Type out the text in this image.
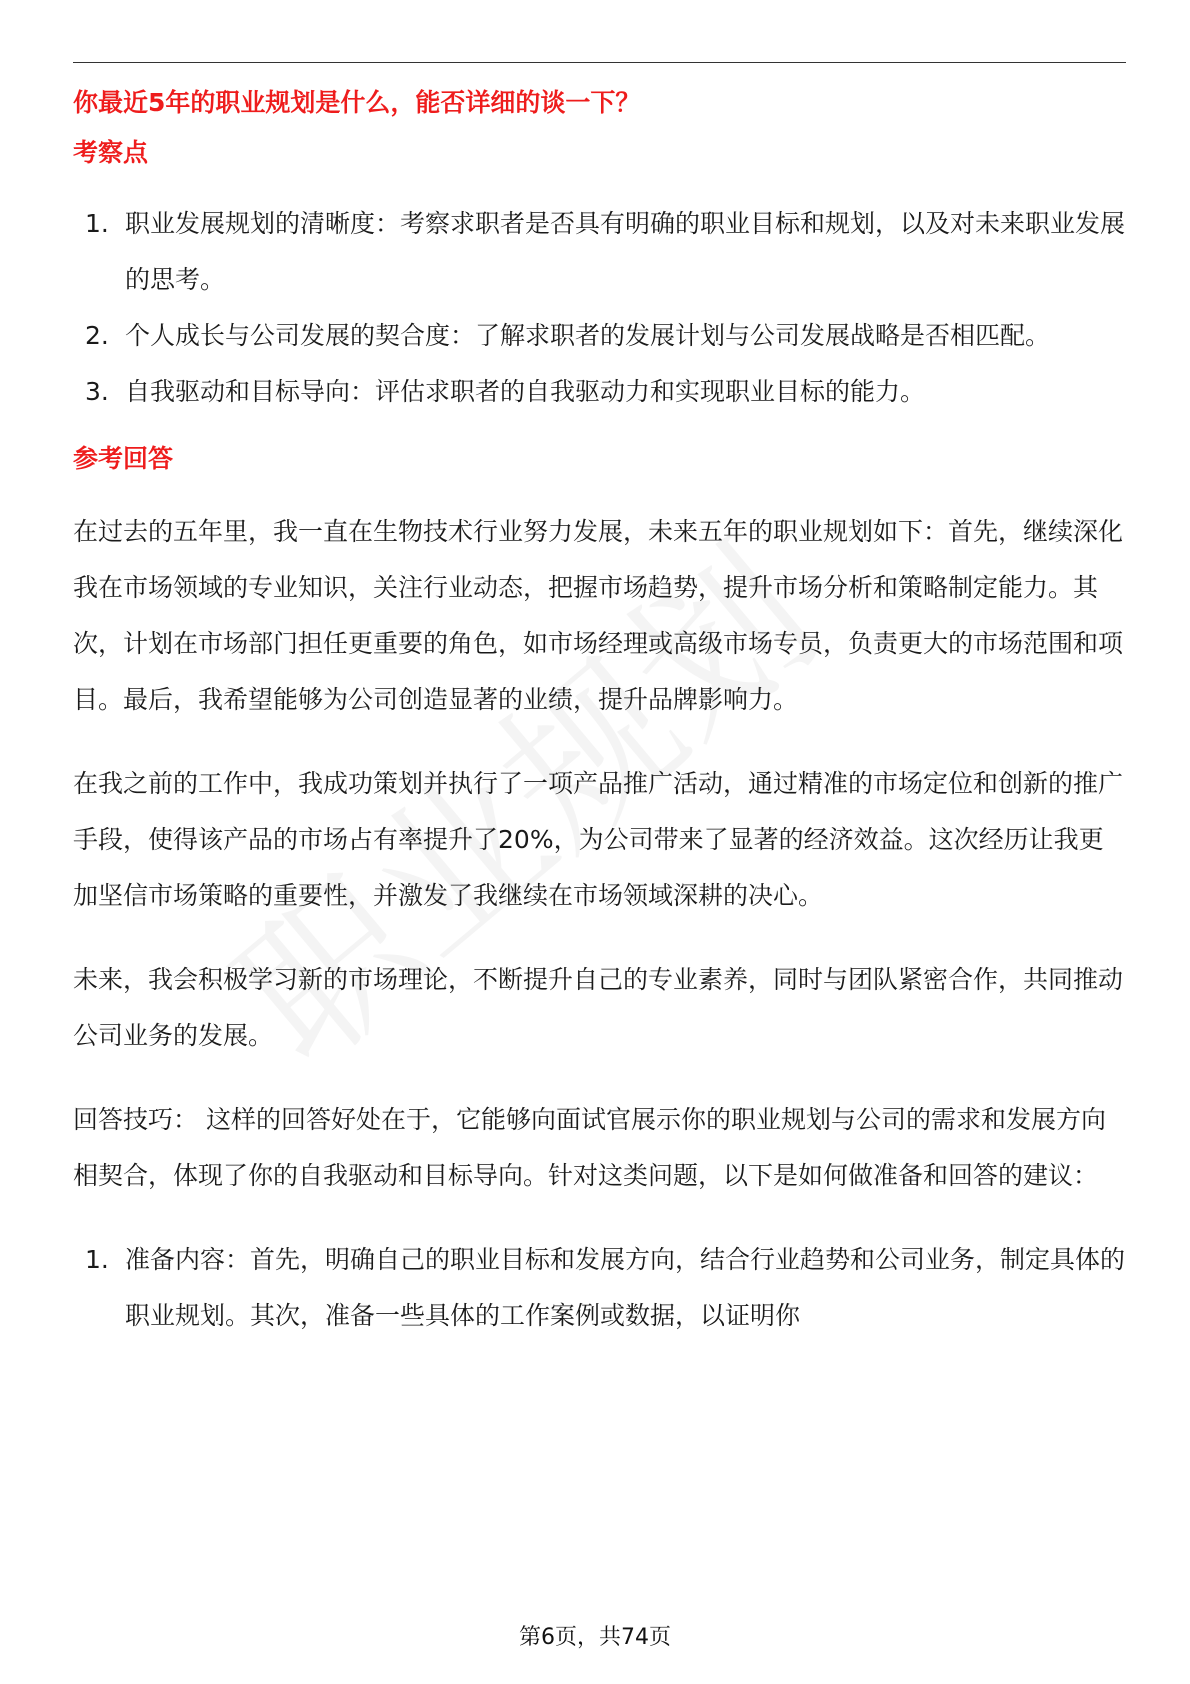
你最近5年的职业规划是什么，能否详细的谈一下？

考察点

1. 职业发展规划的清晰度：考察求职者是否具有明确的职业目标和规划，以及对未来职业发展的思考。
2. 个人成长与公司发展的契合度：了解求职者的发展计划与公司发展战略是否相匹配。
3. 自我驱动和目标导向：评估求职者的自我驱动力和实现职业目标的能力。

参考回答

在过去的五年里，我一直在生物技术行业努力发展，未来五年的职业规划如下：首先，继续深化我在市场领域的专业知识，关注行业动态，把握市场趋势，提升市场分析和策略制定能力。其次，计划在市场部门担任更重要的角色，如市场经理或高级市场专员，负责更大的市场范围和项目。最后，我希望能够为公司创造显著的业绩，提升品牌影响力。

在我之前的工作中，我成功策划并执行了一项产品推广活动，通过精准的市场定位和创新的推广手段，使得该产品的市场占有率提升了20%，为公司带来了显著的经济效益。这次经历让我更加坚信市场策略的重要性，并激发了我继续在市场领域深耕的决心。

未来，我会积极学习新的市场理论，不断提升自己的专业素养，同时与团队紧密合作，共同推动公司业务的发展。

回答技巧： 这样的回答好处在于，它能够向面试官展示你的职业规划与公司的需求和发展方向相契合，体现了你的自我驱动和目标导向。针对这类问题，以下是如何做准备和回答的建议：

1. 准备内容：首先，明确自己的职业目标和发展方向，结合行业趋势和公司业务，制定具体的职业规划。其次，准备一些具体的工作案例或数据，以证明你
第6页，共74页
